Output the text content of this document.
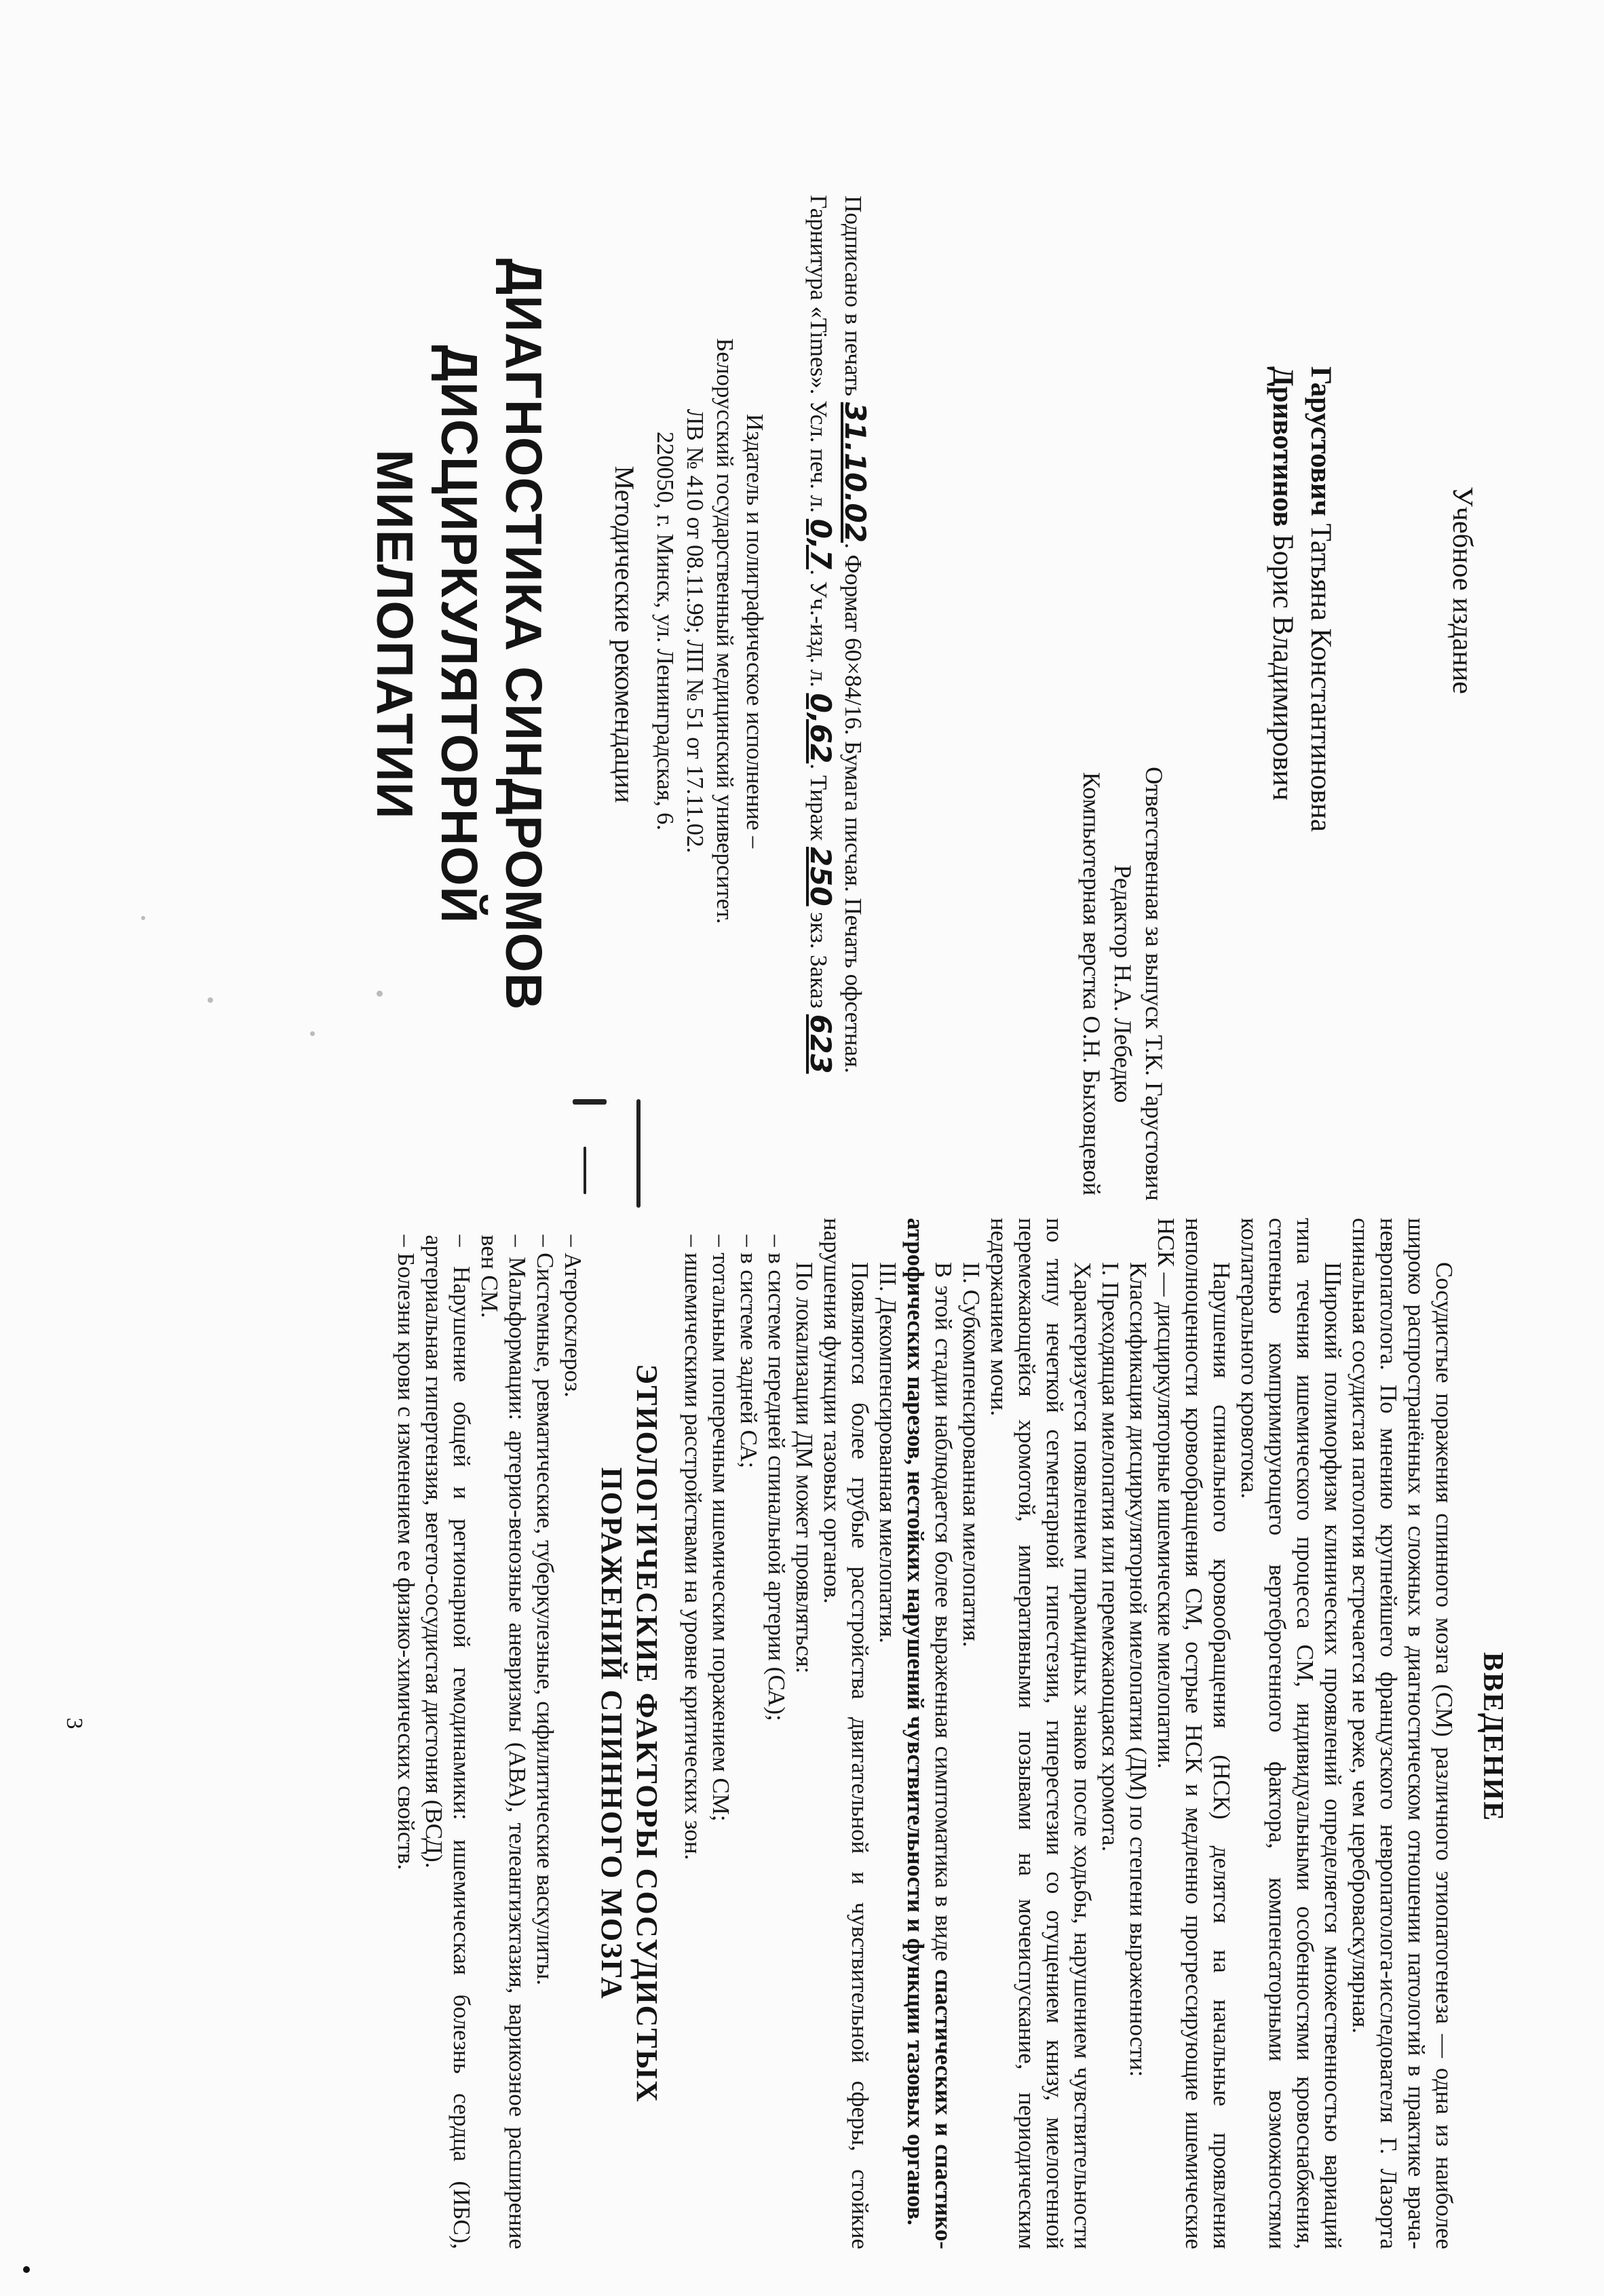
Гарустович Татьяна Константиновна
Дривотинов Борис Владимирович	Учебное издание
ДИАГНОСТИКА СИНДРОМОВ
ДИСЦИРКУЛЯТОРНОЙ МИЕЛОПАТИИ	Методические рекомендации
Ответственная за выпуск Т.К. Гарустович
Редактор Н.А. Лебедко
Компьютерная верстка О.Н. Быховцевой
Подписано в печать 31.10.02. Формат 60×84/16. Бумага писчая. Печать офсетная.
Гарнитура «Times». Усл. печ. л. 0,7. Уч.-изд. л. 0,62. Тираж 250 экз. Заказ 623
Издатель и полиграфическое исполнение –
Белорусский государственный медицинский университет.
ЛВ № 410 от 08.11.99; ЛП № 51 от 17.11.02.
220050, г. Минск, ул. Ленинградская, 6.
ВВЕДЕНИЕ

Сосудистые поражения спинного мозга (СМ) различного этиопатогенеза — одна из наиболее широко распространённых и сложных в диагностическом отношении патологий в практике врача-невропатолога. По мнению крупнейшего французского невропатолога-исследователя Г. Лазорта спинальная сосудистая патология встречается не реже, чем цереброваскулярная.

Широкий полиморфизм клинических проявлений определяется множественностью вариаций типа течения ишемического процесса СМ, индивидуальными особенностями кровоснабжения, степенью компримирующего вертеброгенного фактора, компенсаторными возможностями коллатерального кровотока.

Нарушения спинального кровообращения (НСК) делятся на начальные проявления неполноценности кровообращения СМ, острые НСК и медленно прогрессирующие ишемические НСК — дисциркуляторные ишемические миелопатии.

Классификация дисциркуляторной миелопатии (ДМ) по степени выраженности:

I. Преходящая миелопатия или перемежающаяся хромота.

Характеризуется появлением пирамидных знаков после ходьбы, нарушением чувствительности по типу нечеткой сегментарной гипестезии, гиперестезии со отущением книзу, миелогенной перемежающейся хромотой, императивными позывами на мочеиспускание, периодическим недержанием мочи.

II. Субкомпенсированная миелопатия.

В этой стадии наблюдается более выраженная симптоматика в виде спастических и спастико-атрофических парезов, нестойких нарушений чувствительности и функции тазовых органов.

III. Декомпенсированная миелопатия.

Появляются более грубые расстройства двигательной и чувствительной сферы, стойкие нарушения функции тазовых органов.

По локализации ДМ может проявляться:

– в системе передней спинальной артерии (СА);

– в системе задней СА;

– тотальным поперечным ишемическим поражением СМ;

– ишемическими расстройствами на уровне критических зон.

ЭТИОЛОГИЧЕСКИЕ ФАКТОРЫ СОСУДИСТЫХ
ПОРАЖЕНИЙ СПИННОГО МОЗГА

– Атеросклероз.

– Системные, ревматические, туберкулезные, сифилитические васкулиты.

– Мальформации: артерио-венозные аневризмы (АВА), телеангиэктазия, варикозное расширение вен СМ.

– Нарушение общей и регионарной гемодинамики: ишемическая болезнь сердца (ИБС), артериальная гипертензия, вегето-сосудистая дистония (ВСД).

– Болезни крови с изменением ее физико-химических свойств.

3
